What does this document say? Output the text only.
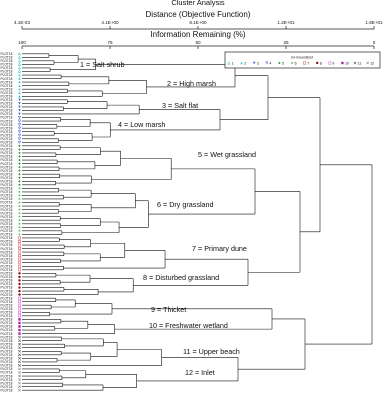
Cluster Analysis
Distance (Objective Function)
4.1E-03	4.1E+00	8.1E+00	1.2E+01	1.6E+01
Information Remaining (%)
100	75	50	25	0
PLOT18
PLOT18
PLOT18
PLOT18
PLOT18
PLOT18
PLOT18
PLOT18
PLOT18
PLOT18
PLOT18
PLOT18
PLOT18
PLOT18
PLOT18
PLOT18
PLOT18
PLOT18
PLOT18
PLOT18
PLOT18
PLOT18
PLOT18
PLOT18
PLOT18
PLOT18
PLOT18
PLOT18
PLOT18
PLOT18
PLOT18
PLOT18
PLOT18
PLOT18
PLOT18
PLOT18
PLOT18
PLOT18
PLOT18
PLOT18
PLOT18
PLOT18
PLOT18
PLOT18
PLOT18
PLOT18
PLOT18
PLOT18
PLOT18
PLOT18
PLOT18
PLOT18
PLOT18
PLOT18
PLOT18
PLOT18
PLOT18
PLOT18
PLOT18
PLOT18
PLOT18
PLOT18
PLOT18
PLOT18
PLOT18
PLOT18
PLOT18
PLOT18
PLOT18
PLOT18
PLOT18
PLOT18
PLOT18
PLOT18
PLOT18
PLOT18
PLOT18
PLOT18
PLOT18
PLOT18
PLOT18
PLOT18
PLOT18
PLOT18
PLOT18
PLOT18
PLOT18
PLOT18
PLOT18
PLOT18
PLOT18
PLOT18
PLOT18
PLOT18
PLOT18
PLOT18
1 = Salt shrub
2 = High marsh
3 = Salt flat
4 = Low marsh
5 = Wet grassland
6 = Dry grassland
7 = Primary dune
8 = Disturbed grassland
9 = Thicket
10 = Freshwater wetland
11 = Upper beach
12 = Inlet
Gr-moundtest
1	2	3	4	5	6	7	8	9	10 11 12
